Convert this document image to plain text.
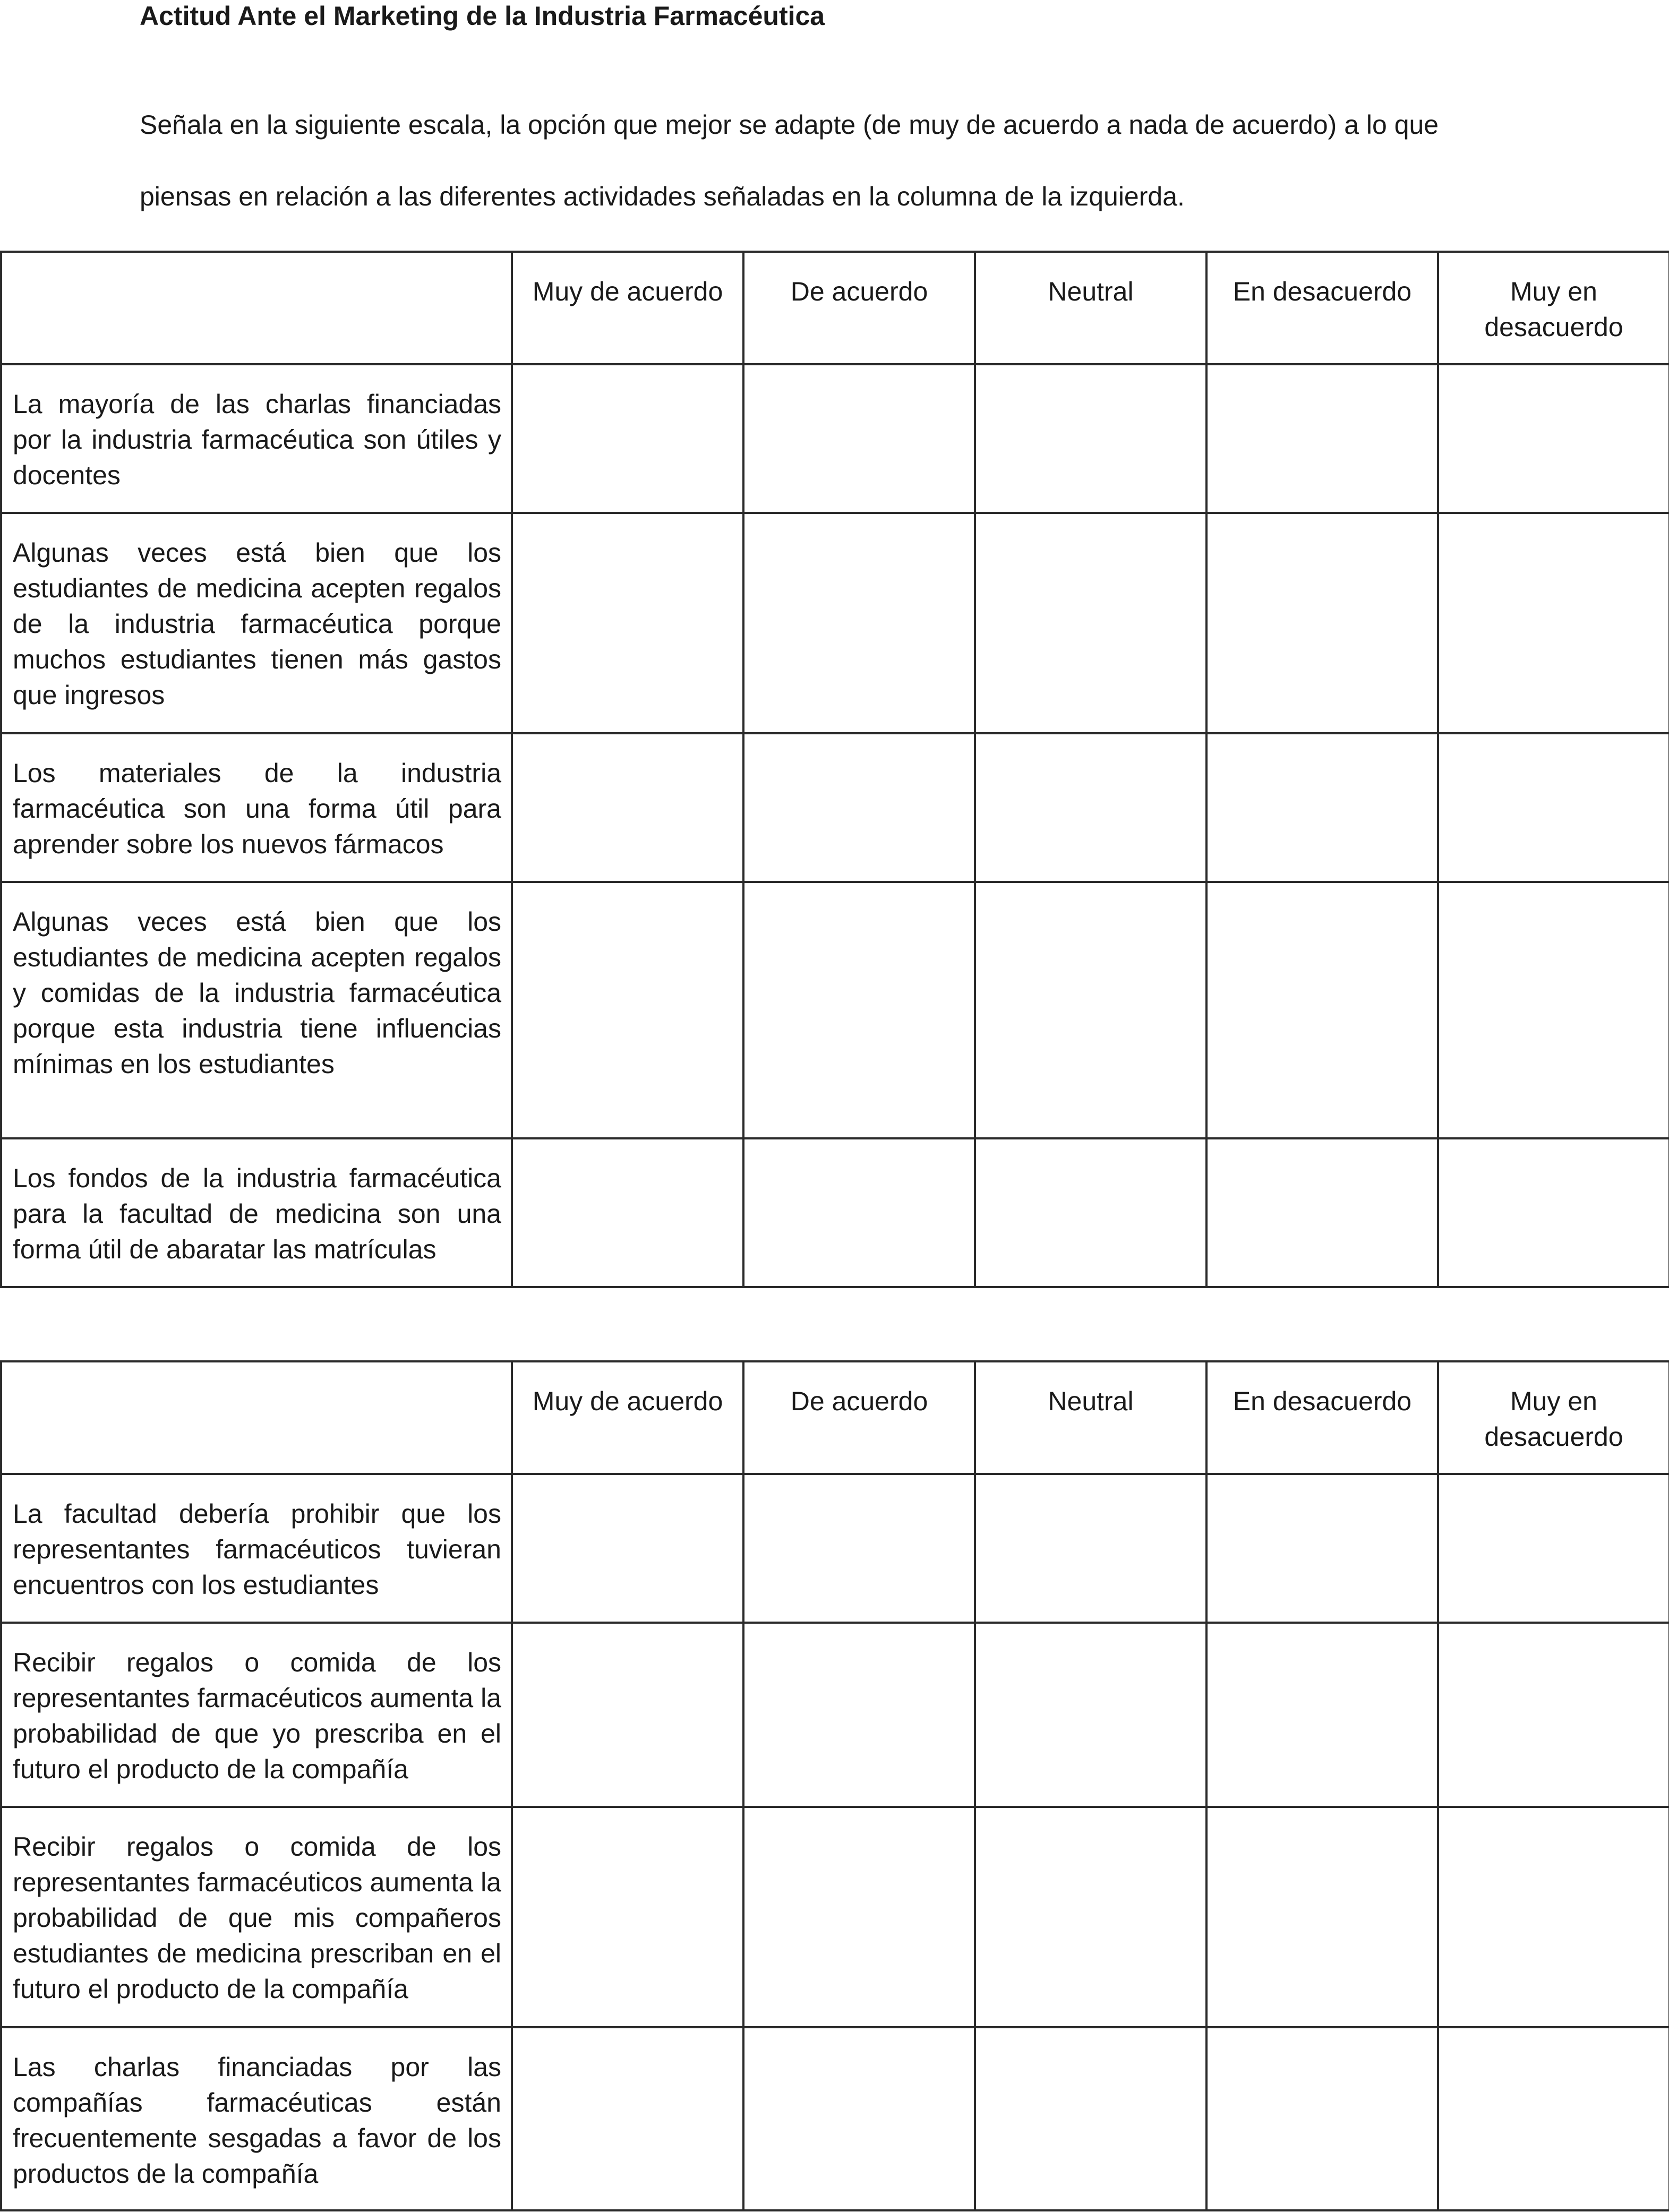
Actitud Ante el Marketing de la Industria Farmacéutica
Señala en la siguiente escala, la opción que mejor se adapte (de muy de acuerdo a nada de acuerdo) a lo que
piensas en relación a las diferentes actividades señaladas en la columna de la izquierda.
	Muy de acuerdo	De acuerdo	Neutral	En desacuerdo	Muy en desacuerdo

La mayoría de las charlas financiadas por la industria farmacéutica son útiles y docentes					

Algunas veces está bien que los estudiantes de medicina acepten regalos de la industria farmacéutica porque muchos estudiantes tienen más gastos que ingresos					

Los materiales de la industria farmacéutica son una forma útil para aprender sobre los nuevos fármacos					

Algunas veces está bien que los estudiantes de medicina acepten regalos y comidas de la industria farmacéutica porque esta industria tiene influencias mínimas en los estudiantes					

Los fondos de la industria farmacéutica para la facultad de medicina son una forma útil de abaratar las matrículas					

	Muy de acuerdo	De acuerdo	Neutral	En desacuerdo	Muy en desacuerdo

La facultad debería prohibir que los representantes farmacéuticos tuvieran encuentros con los estudiantes					

Recibir regalos o comida de los representantes farmacéuticos aumenta la probabilidad de que yo prescriba en el futuro el producto de la compañía					

Recibir regalos o comida de los representantes farmacéuticos aumenta la probabilidad de que mis compañeros estudiantes de medicina prescriban en el futuro el producto de la compañía					

Las charlas financiadas por las compañías farmacéuticas están frecuentemente sesgadas a favor de los productos de la compañía					
